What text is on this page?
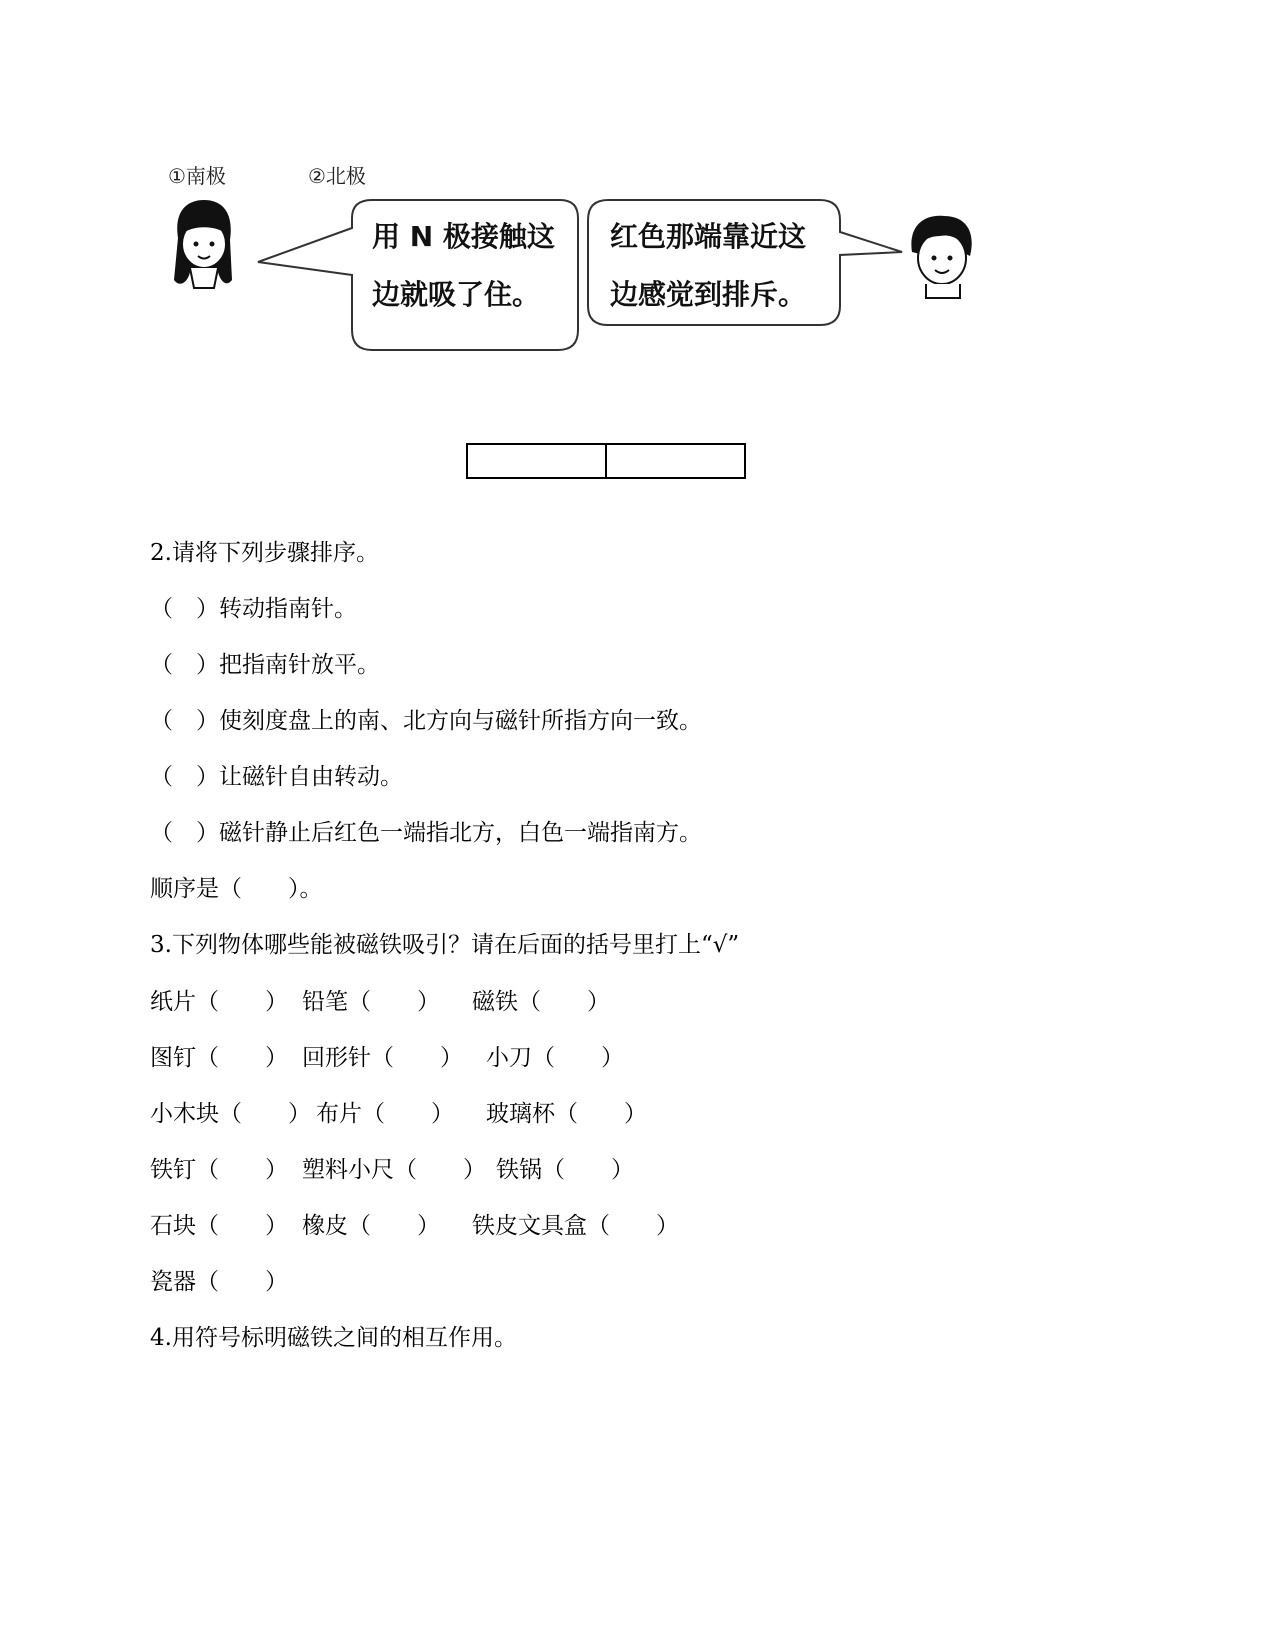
①南极	②北极
用 N 极接触这
边就吸了住。
红色那端靠近这
边感觉到排斥。
2.请将下列步骤排序。
（　）转动指南针。
（　）把指南针放平。
（　）使刻度盘上的南、北方向与磁针所指方向一致。
（　）让磁针自由转动。
（　）磁针静止后红色一端指北方，白色一端指南方。
顺序是（　　）。
3.下列物体哪些能被磁铁吸引？请在后面的括号里打上“√”

纸片（　　）

铅笔（　　）

磁铁（　　）

图钉（　　）

回形针（　　）

小刀（　　）

小木块（　　）

布片（　　）

玻璃杯（　　）

铁钉（　　）

塑料小尺（　　）

铁锅（　　）

石块（　　）

橡皮（　　）

铁皮文具盒（　　）

瓷器（　　）

4.用符号标明磁铁之间的相互作用。
